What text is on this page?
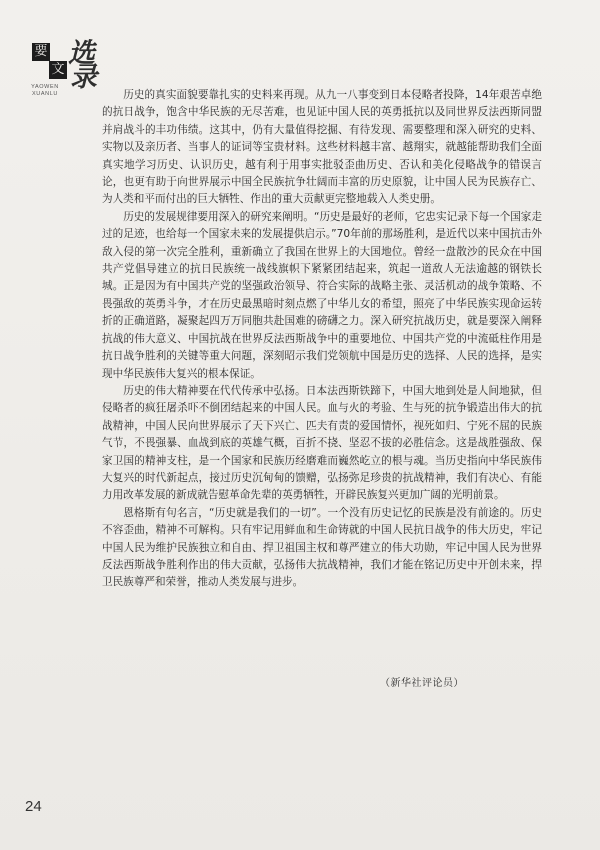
要
文
选
录
YAOWEN
XUANLU	历史的真实面貌要靠扎实的史料来再现。从九一八事变到日本侵略者投降，14年艰苦卓绝的抗日战争，饱含中华民族的无尽苦难，也见证中国人民的英勇抵抗以及同世界反法西斯同盟并肩战斗的丰功伟绩。这其中，仍有大量值得挖掘、有待发现、需要整理和深入研究的史料、实物以及亲历者、当事人的证词等宝贵材料。这些材料越丰富、越翔实，就越能帮助我们全面真实地学习历史、认识历史，越有利于用事实批驳歪曲历史、否认和美化侵略战争的错误言论，也更有助于向世界展示中国全民族抗争壮阔而丰富的历史原貌，让中国人民为民族存亡、为人类和平而付出的巨大牺牲、作出的重大贡献更完整地载入人类史册。

历史的发展规律要用深入的研究来阐明。“历史是最好的老师，它忠实记录下每一个国家走过的足迹，也给每一个国家未来的发展提供启示。”70年前的那场胜利，是近代以来中国抗击外敌入侵的第一次完全胜利，重新确立了我国在世界上的大国地位。曾经一盘散沙的民众在中国共产党倡导建立的抗日民族统一战线旗帜下紧紧团结起来，筑起一道敌人无法逾越的钢铁长城。正是因为有中国共产党的坚强政治领导、符合实际的战略主张、灵活机动的战争策略、不畏强敌的英勇斗争，才在历史最黑暗时刻点燃了中华儿女的希望，照亮了中华民族实现命运转折的正确道路，凝聚起四万万同胞共赴国难的磅礴之力。深入研究抗战历史，就是要深入阐释抗战的伟大意义、中国抗战在世界反法西斯战争中的重要地位、中国共产党的中流砥柱作用是抗日战争胜利的关键等重大问题，深刻昭示我们党领航中国是历史的选择、人民的选择，是实现中华民族伟大复兴的根本保证。

历史的伟大精神要在代代传承中弘扬。日本法西斯铁蹄下，中国大地到处是人间地狱，但侵略者的疯狂屠杀吓不倒团结起来的中国人民。血与火的考验、生与死的抗争锻造出伟大的抗战精神，中国人民向世界展示了天下兴亡、匹夫有责的爱国情怀，视死如归、宁死不屈的民族气节，不畏强暴、血战到底的英雄气概，百折不挠、坚忍不拔的必胜信念。这是战胜强敌、保家卫国的精神支柱，是一个国家和民族历经磨难而巍然屹立的根与魂。当历史指向中华民族伟大复兴的时代新起点，接过历史沉甸甸的馈赠，弘扬弥足珍贵的抗战精神，我们有决心、有能力用改革发展的新成就告慰革命先辈的英勇牺牲，开辟民族复兴更加广阔的光明前景。

恩格斯有句名言，“历史就是我们的一切”。一个没有历史记忆的民族是没有前途的。历史不容歪曲，精神不可解构。只有牢记用鲜血和生命铸就的中国人民抗日战争的伟大历史，牢记中国人民为维护民族独立和自由、捍卫祖国主权和尊严建立的伟大功勋，牢记中国人民为世界反法西斯战争胜利作出的伟大贡献，弘扬伟大抗战精神，我们才能在铭记历史中开创未来，捍卫民族尊严和荣誉，推动人类发展与进步。

（新华社评论员）
24
